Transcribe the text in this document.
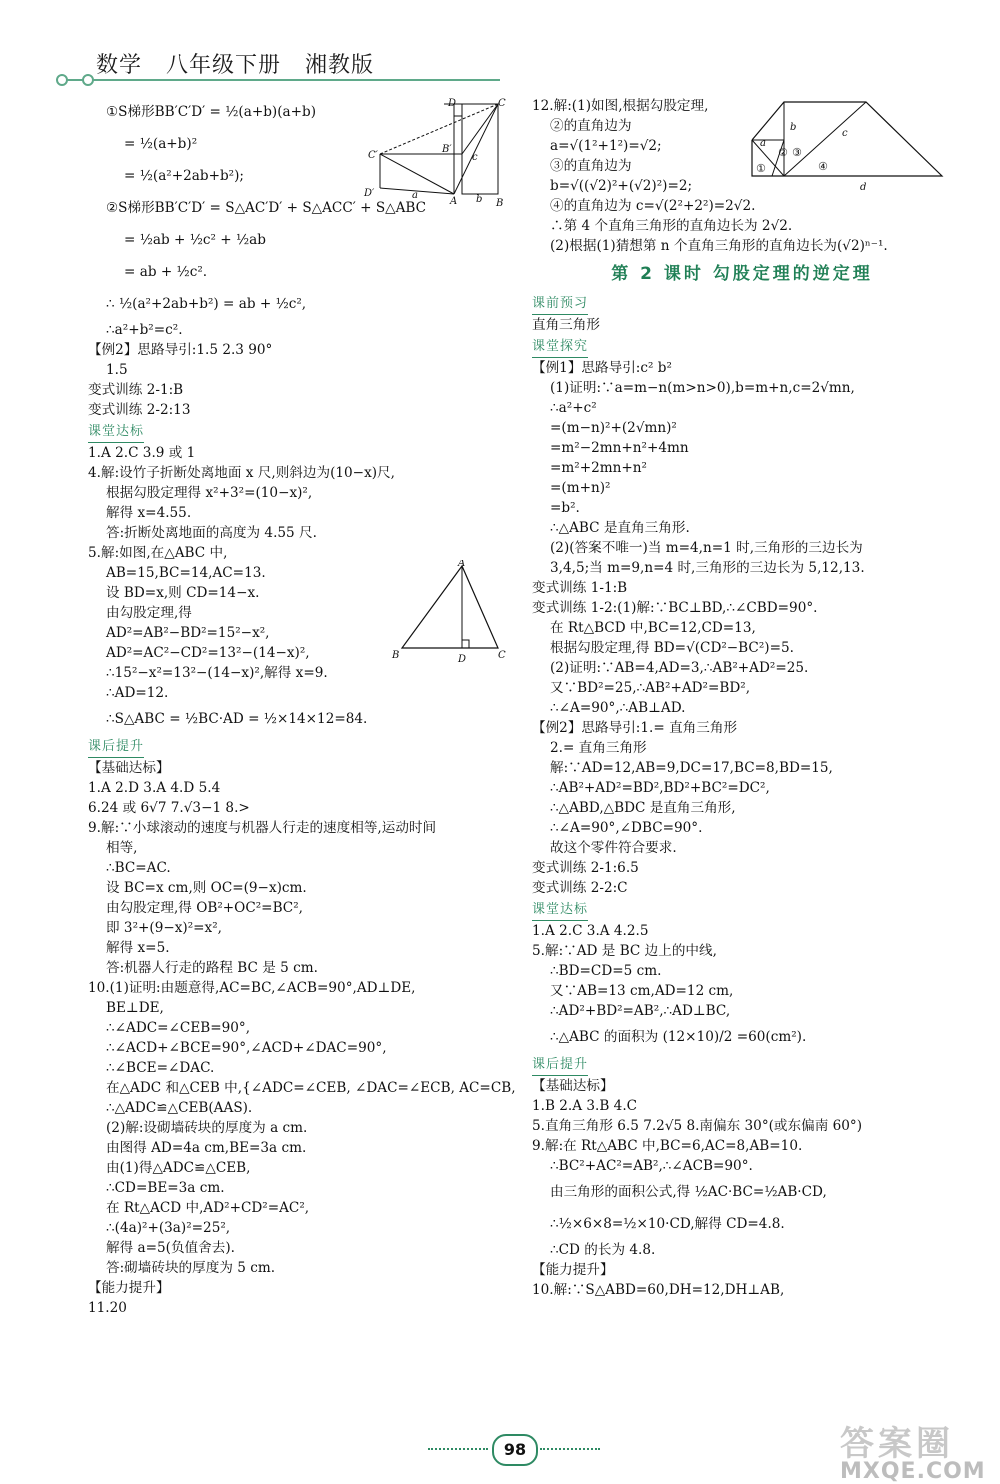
数学 八年级下册 湘教版
①S梯形BB′C′D′ = ½(a+b)(a+b)
= ½(a+b)²
= ½(a²+2ab+b²);
②S梯形BB′C′D′ = S△AC′D′ + S△ACC′ + S△ABC
= ½ab + ½c² + ½ab
= ab + ½c².
∴ ½(a²+2ab+b²) = ab + ½c²,
∴a²+b²=c².
【例2】思路导引:1.5 2.3 90°
1.5
变式训练 2-1:B
变式训练 2-2:13
课堂达标
1.A 2.C 3.9 或 1
4.解:设竹子折断处离地面 x 尺,则斜边为(10−x)尺,
根据勾股定理得 x²+3²=(10−x)²,
解得 x=4.55.
答:折断处离地面的高度为 4.55 尺.
5.解:如图,在△ABC 中,
AB=15,BC=14,AC=13.
设 BD=x,则 CD=14−x.
由勾股定理,得
AD²=AB²−BD²=15²−x²,
AD²=AC²−CD²=13²−(14−x)²,
∴15²−x²=13²−(14−x)²,解得 x=9.
∴AD=12.
∴S△ABC = ½BC·AD = ½×14×12=84.
课后提升
【基础达标】
1.A 2.D 3.A 4.D 5.4
6.24 或 6√7 7.√3−1 8.>
9.解:∵小球滚动的速度与机器人行走的速度相等,运动时间
相等,
∴BC=AC.
设 BC=x cm,则 OC=(9−x)cm.
由勾股定理,得 OB²+OC²=BC²,
即 3²+(9−x)²=x²,
解得 x=5.
答:机器人行走的路程 BC 是 5 cm.
10.(1)证明:由题意得,AC=BC,∠ACB=90°,AD⊥DE,
BE⊥DE,
∴∠ADC=∠CEB=90°,
∴∠ACD+∠BCE=90°,∠ACD+∠DAC=90°,
∴∠BCE=∠DAC.
在△ADC 和△CEB 中,{∠ADC=∠CEB, ∠DAC=∠ECB, AC=CB,
∴△ADC≌△CEB(AAS).
(2)解:设砌墙砖块的厚度为 a cm.
由图得 AD=4a cm,BE=3a cm.
由(1)得△ADC≌△CEB,
∴CD=BE=3a cm.
在 Rt△ACD 中,AD²+CD²=AC²,
∴(4a)²+(3a)²=25²,
解得 a=5(负值舍去).
答:砌墙砖块的厚度为 5 cm.
【能力提升】
11.20
12.解:(1)如图,根据勾股定理,
②的直角边为
a=√(1²+1²)=√2;
③的直角边为
b=√((√2)²+(√2)²)=2;
④的直角边为 c=√(2²+2²)=2√2.
∴第 4 个直角三角形的直角边长为 2√2.
(2)根据(1)猜想第 n 个直角三角形的直角边长为(√2)ⁿ⁻¹.
第 2 课时 勾股定理的逆定理
课前预习
直角三角形
课堂探究
【例1】思路导引:c² b²
(1)证明:∵a=m−n(m>n>0),b=m+n,c=2√mn,
∴a²+c²
=(m−n)²+(2√mn)²
=m²−2mn+n²+4mn
=m²+2mn+n²
=(m+n)²
=b².
∴△ABC 是直角三角形.
(2)(答案不唯一)当 m=4,n=1 时,三角形的三边长为
3,4,5;当 m=9,n=4 时,三角形的三边长为 5,12,13.
变式训练 1-1:B
变式训练 1-2:(1)解:∵BC⊥BD,∴∠CBD=90°.
在 Rt△BCD 中,BC=12,CD=13,
根据勾股定理,得 BD=√(CD²−BC²)=5.
(2)证明:∵AB=4,AD=3,∴AB²+AD²=25.
又∵BD²=25,∴AB²+AD²=BD²,
∴∠A=90°,∴AB⊥AD.
【例2】思路导引:1.= 直角三角形
2.= 直角三角形
解:∵AD=12,AB=9,DC=17,BC=8,BD=15,
∴AB²+AD²=BD²,BD²+BC²=DC²,
∴△ABD,△BDC 是直角三角形,
∴∠A=90°,∠DBC=90°.
故这个零件符合要求.
变式训练 2-1:6.5
变式训练 2-2:C
课堂达标
1.A 2.C 3.A 4.2.5
5.解:∵AD 是 BC 边上的中线,
∴BD=CD=5 cm.
又∵AB=13 cm,AD=12 cm,
∴AD²+BD²=AB²,∴AD⊥BC,
∴△ABC 的面积为 (12×10)/2 =60(cm²).
课后提升
【基础达标】
1.B 2.A 3.B 4.C
5.直角三角形 6.5 7.2√5 8.南偏东 30°(或东偏南 60°)
9.解:在 Rt△ABC 中,BC=6,AC=8,AB=10.
∴BC²+AC²=AB²,∴∠ACB=90°.
由三角形的面积公式,得 ½AC·BC=½AB·CD,
∴½×6×8=½×10·CD,解得 CD=4.8.
∴CD 的长为 4.8.
【能力提升】
10.解:∵S△ABD=60,DH=12,DH⊥AB,
D	C
C′
B′
c
D′	a
A b B
A
B	D	C
a
b
c
② ③
①	④
d
98	答案圈
MXQE.COM
